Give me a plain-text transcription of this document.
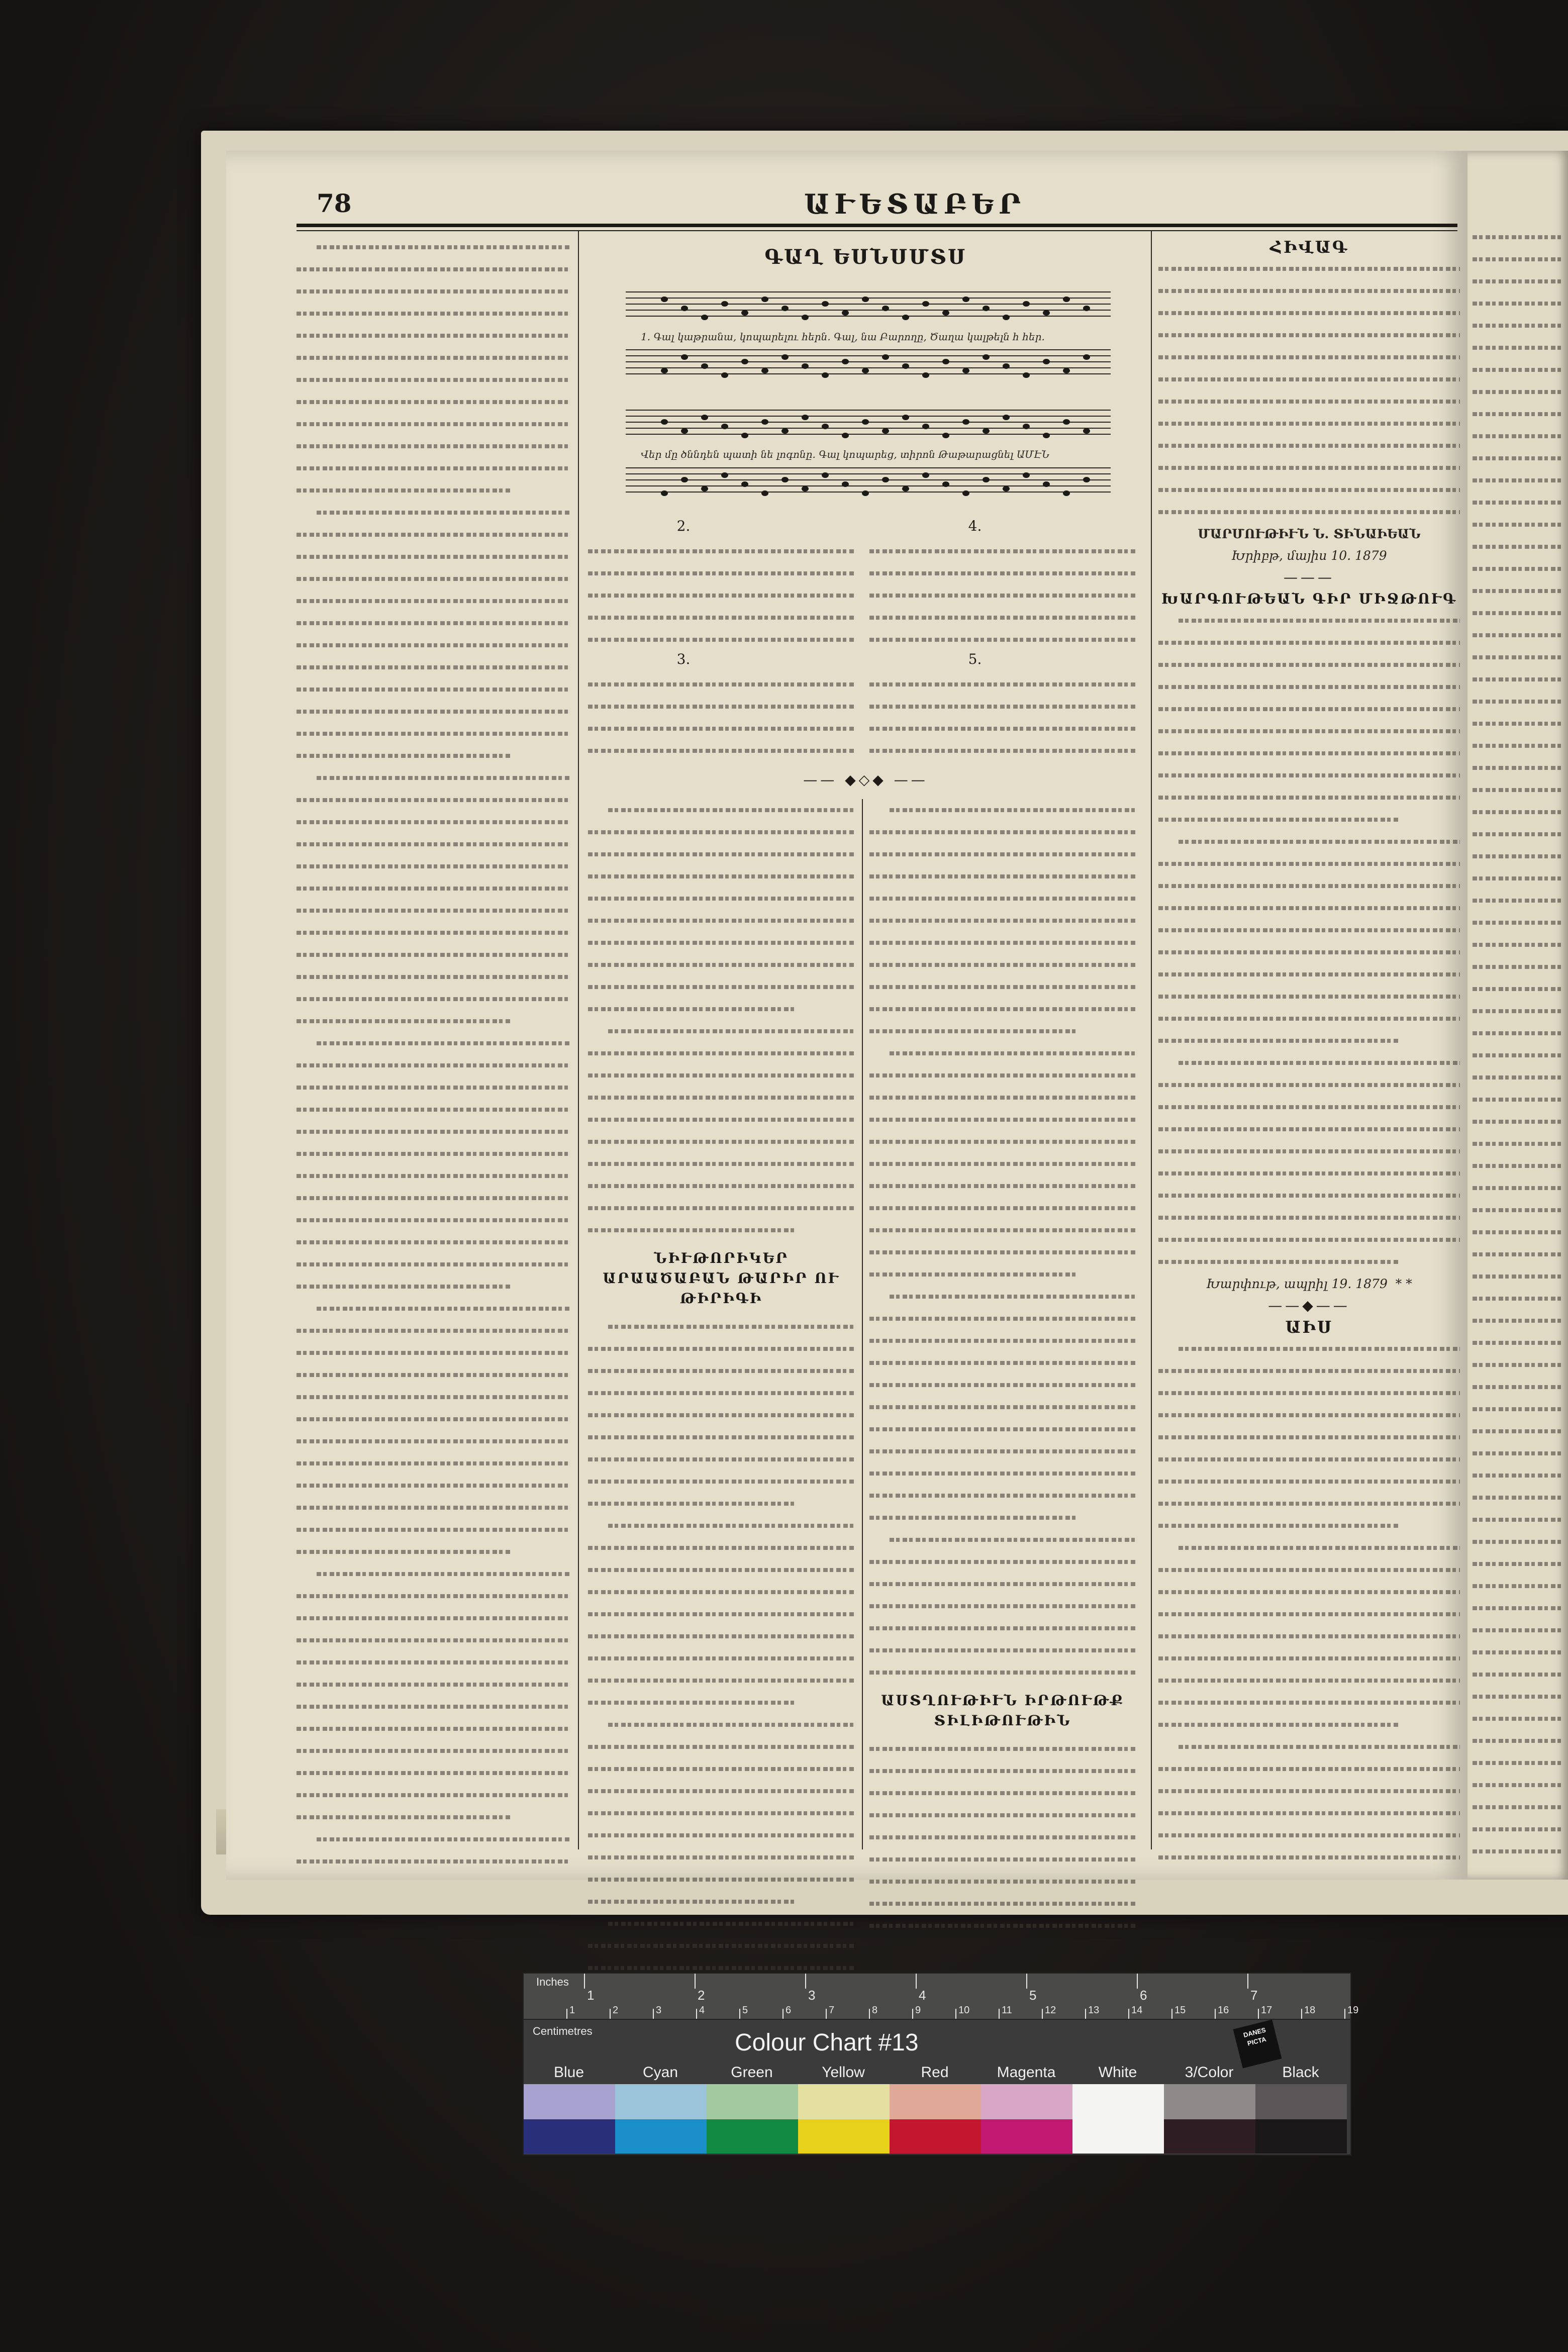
78	ԱՒԵՏԱԲԵՐ
ԳԱՂ ԵՍՆՍՄՏՍ
1. Գալ կաթրանա, կոպարելու հերն. Գալ, նա Բարողը, Ծաղա կալթելն հ հեր.
Վեր մը ծննդեն պատի նե լոգոնը. Գալ կոպարեց, տիրոն Թաթարացնել ԱՄԷՆ
2.	4.
3.	5.
—— ◆◇◆ ——
ՆԻՒԹՈՐԻԿԵՐ ԱՐԱԱԾԱԲԱՆ ԹԱՐԻՐ ՈՒ ԹԻՐԻԳԻ
ԱՍՏՂՈՒԹԻՒՆ ԻՐԹՈՒԹՔ ՏԻԼԻԹՈՒԹԻՆ
ՀԻՎԱԳ
ՄԱՐՄՈՒԹԻՒՆ Ն. ՏԻՆԱԻԵԱՆ
Խրիբթ, մայիս 10. 1879
———
ԽԱՐԳՈՒԹԵԱՆ ԳԻՐ ՄԻՋԹՈՒԳ
Խարփութ, ապրիլ 19. 1879 * *
——◆——
ԱԻՍ
Inches
1	2	3	4	5	6	7
1	2	3	4	5	6	7	8	9	10	11	12	13	14	15	16	17	18	19
Centimetres	Colour Chart #13	DANES PICTA
Blue	Cyan	Green	Yellow	Red	Magenta	White	3/Color	Black
